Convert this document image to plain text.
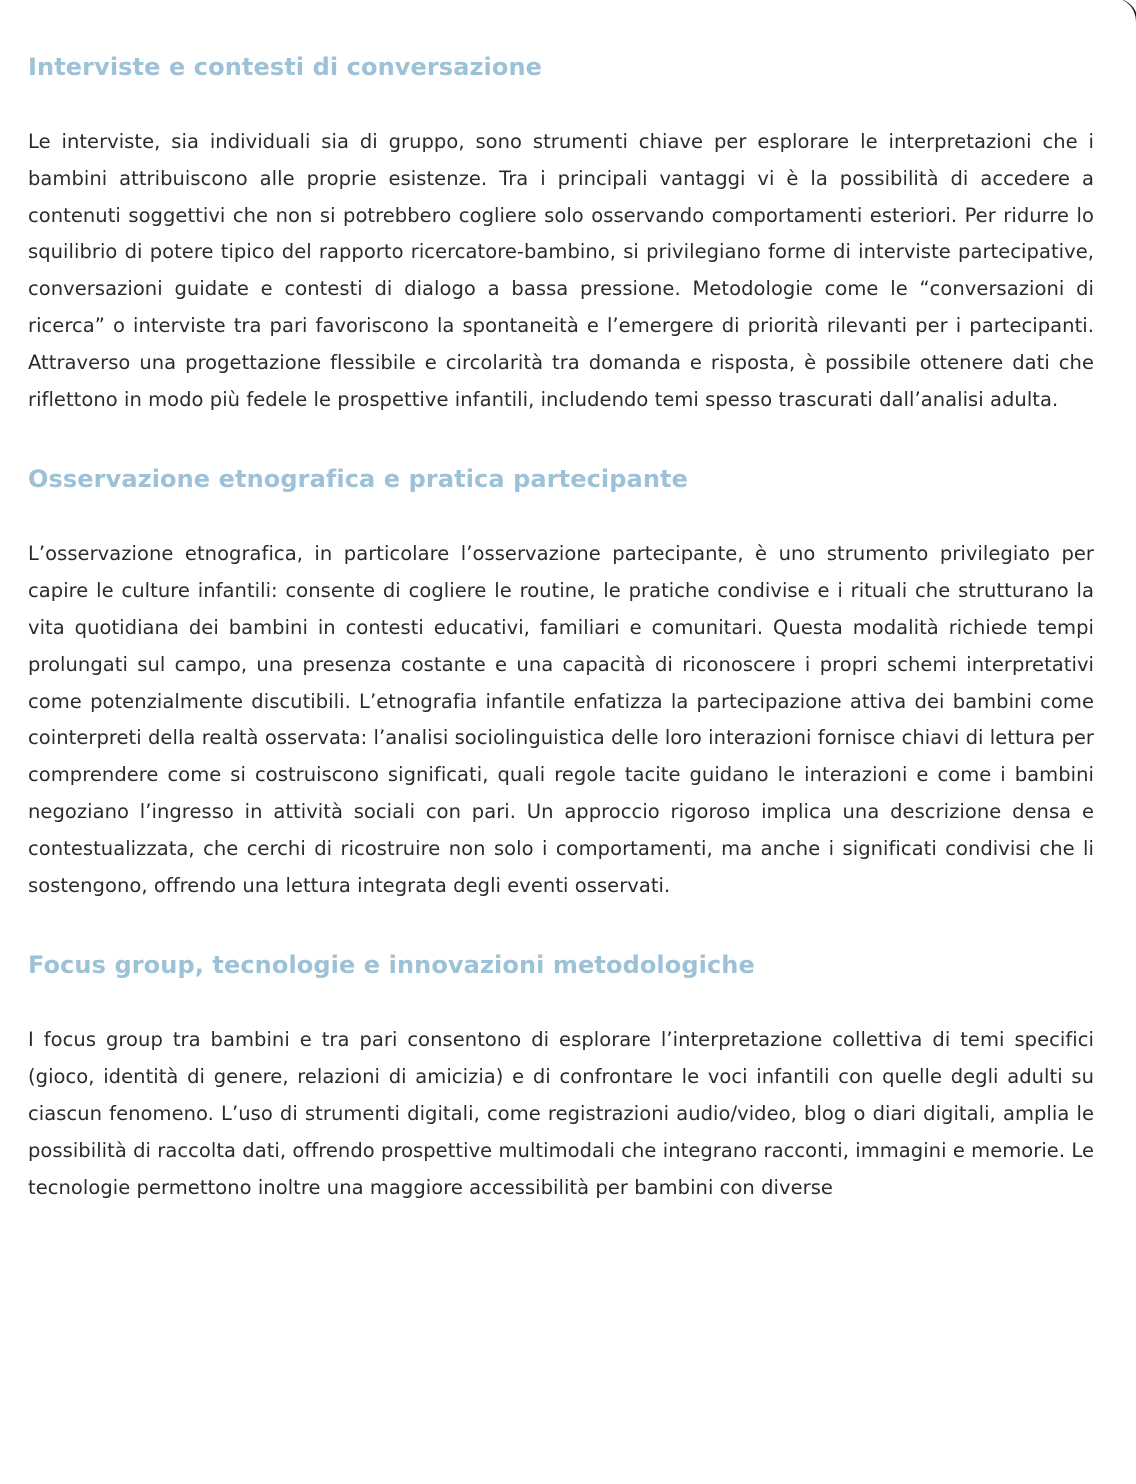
Interviste e contesti di conversazione

Le interviste, sia individuali sia di gruppo, sono strumenti chiave per esplorare le interpretazioni che i bambini attribuiscono alle proprie esistenze. Tra i principali vantaggi vi è la possibilità di accedere a contenuti soggettivi che non si potrebbero cogliere solo osservando comportamenti esteriori. Per ridurre lo squilibrio di potere tipico del rapporto ricercatore-bambino, si privilegiano forme di interviste partecipative, conversazioni guidate e contesti di dialogo a bassa pressione. Metodologie come le “conversazioni di ricerca” o interviste tra pari favoriscono la spontaneità e l’emergere di priorità rilevanti per i partecipanti. Attraverso una progettazione flessibile e circolarità tra domanda e risposta, è possibile ottenere dati che riflettono in modo più fedele le prospettive infantili, includendo temi spesso trascurati dall’analisi adulta.

Osservazione etnografica e pratica partecipante

L’osservazione etnografica, in particolare l’osservazione partecipante, è uno strumento privilegiato per capire le culture infantili: consente di cogliere le routine, le pratiche condivise e i rituali che strutturano la vita quotidiana dei bambini in contesti educativi, familiari e comunitari. Questa modalità richiede tempi prolungati sul campo, una presenza costante e una capacità di riconoscere i propri schemi interpretativi come potenzialmente discutibili. L’etnografia infantile enfatizza la partecipazione attiva dei bambini come cointerpreti della realtà osservata: l’analisi sociolinguistica delle loro interazioni fornisce chiavi di lettura per comprendere come si costruiscono significati, quali regole tacite guidano le interazioni e come i bambini negoziano l’ingresso in attività sociali con pari. Un approccio rigoroso implica una descrizione densa e contestualizzata, che cerchi di ricostruire non solo i comportamenti, ma anche i significati condivisi che li sostengono, offrendo una lettura integrata degli eventi osservati.

Focus group, tecnologie e innovazioni metodologiche

I focus group tra bambini e tra pari consentono di esplorare l’interpretazione collettiva di temi specifici (gioco, identità di genere, relazioni di amicizia) e di confrontare le voci infantili con quelle degli adulti su ciascun fenomeno. L’uso di strumenti digitali, come registrazioni audio/video, blog o diari digitali, amplia le possibilità di raccolta dati, offrendo prospettive multimodali che integrano racconti, immagini e memorie. Le tecnologie permettono inoltre una maggiore accessibilità per bambini con diverse
